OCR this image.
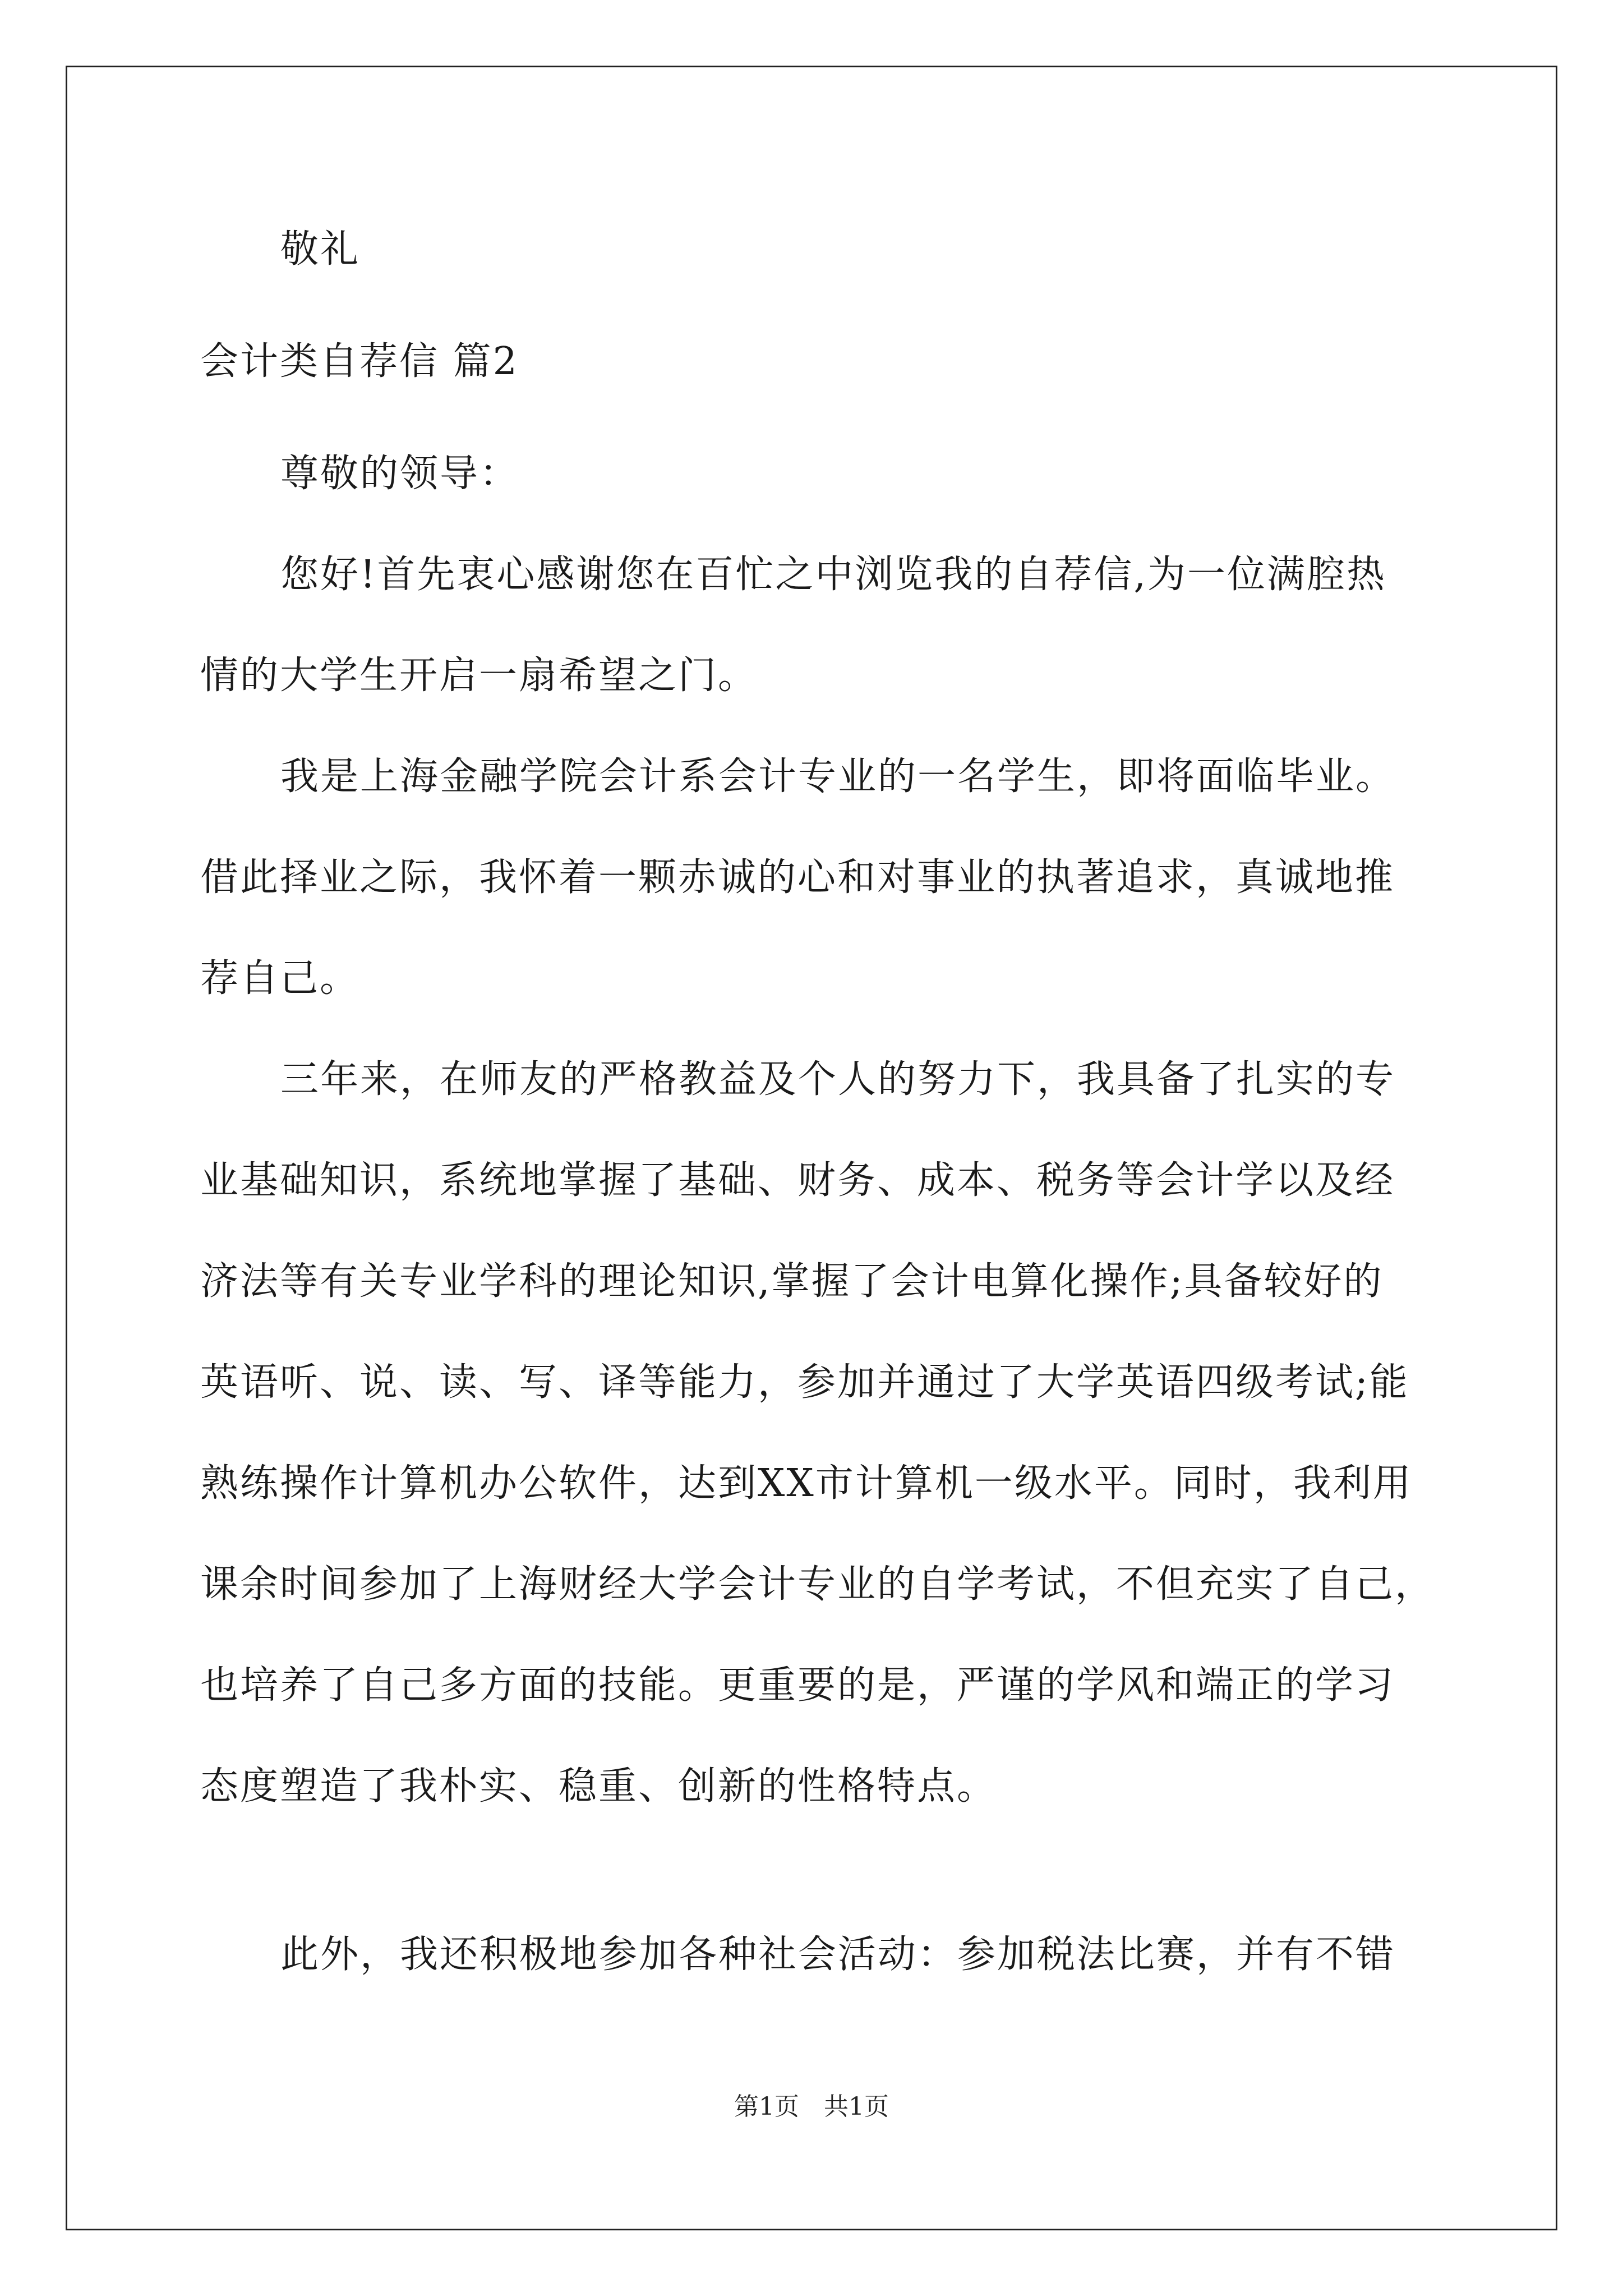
敬礼
会计类自荐信 篇2
尊敬的领导：
您好!首先衷心感谢您在百忙之中浏览我的自荐信,为一位满腔热
情的大学生开启一扇希望之门。
我是上海金融学院会计系会计专业的一名学生，即将面临毕业。
借此择业之际，我怀着一颗赤诚的心和对事业的执著追求，真诚地推
荐自己。
三年来，在师友的严格教益及个人的努力下，我具备了扎实的专
业基础知识，系统地掌握了基础、财务、成本、税务等会计学以及经
济法等有关专业学科的理论知识,掌握了会计电算化操作;具备较好的
英语听、说、读、写、译等能力，参加并通过了大学英语四级考试;能
熟练操作计算机办公软件，达到XX市计算机一级水平。同时，我利用
课余时间参加了上海财经大学会计专业的自学考试，不但充实了自己，
也培养了自己多方面的技能。更重要的是，严谨的学风和端正的学习
态度塑造了我朴实、稳重、创新的性格特点。
此外，我还积极地参加各种社会活动：参加税法比赛，并有不错
第1页　共1页
